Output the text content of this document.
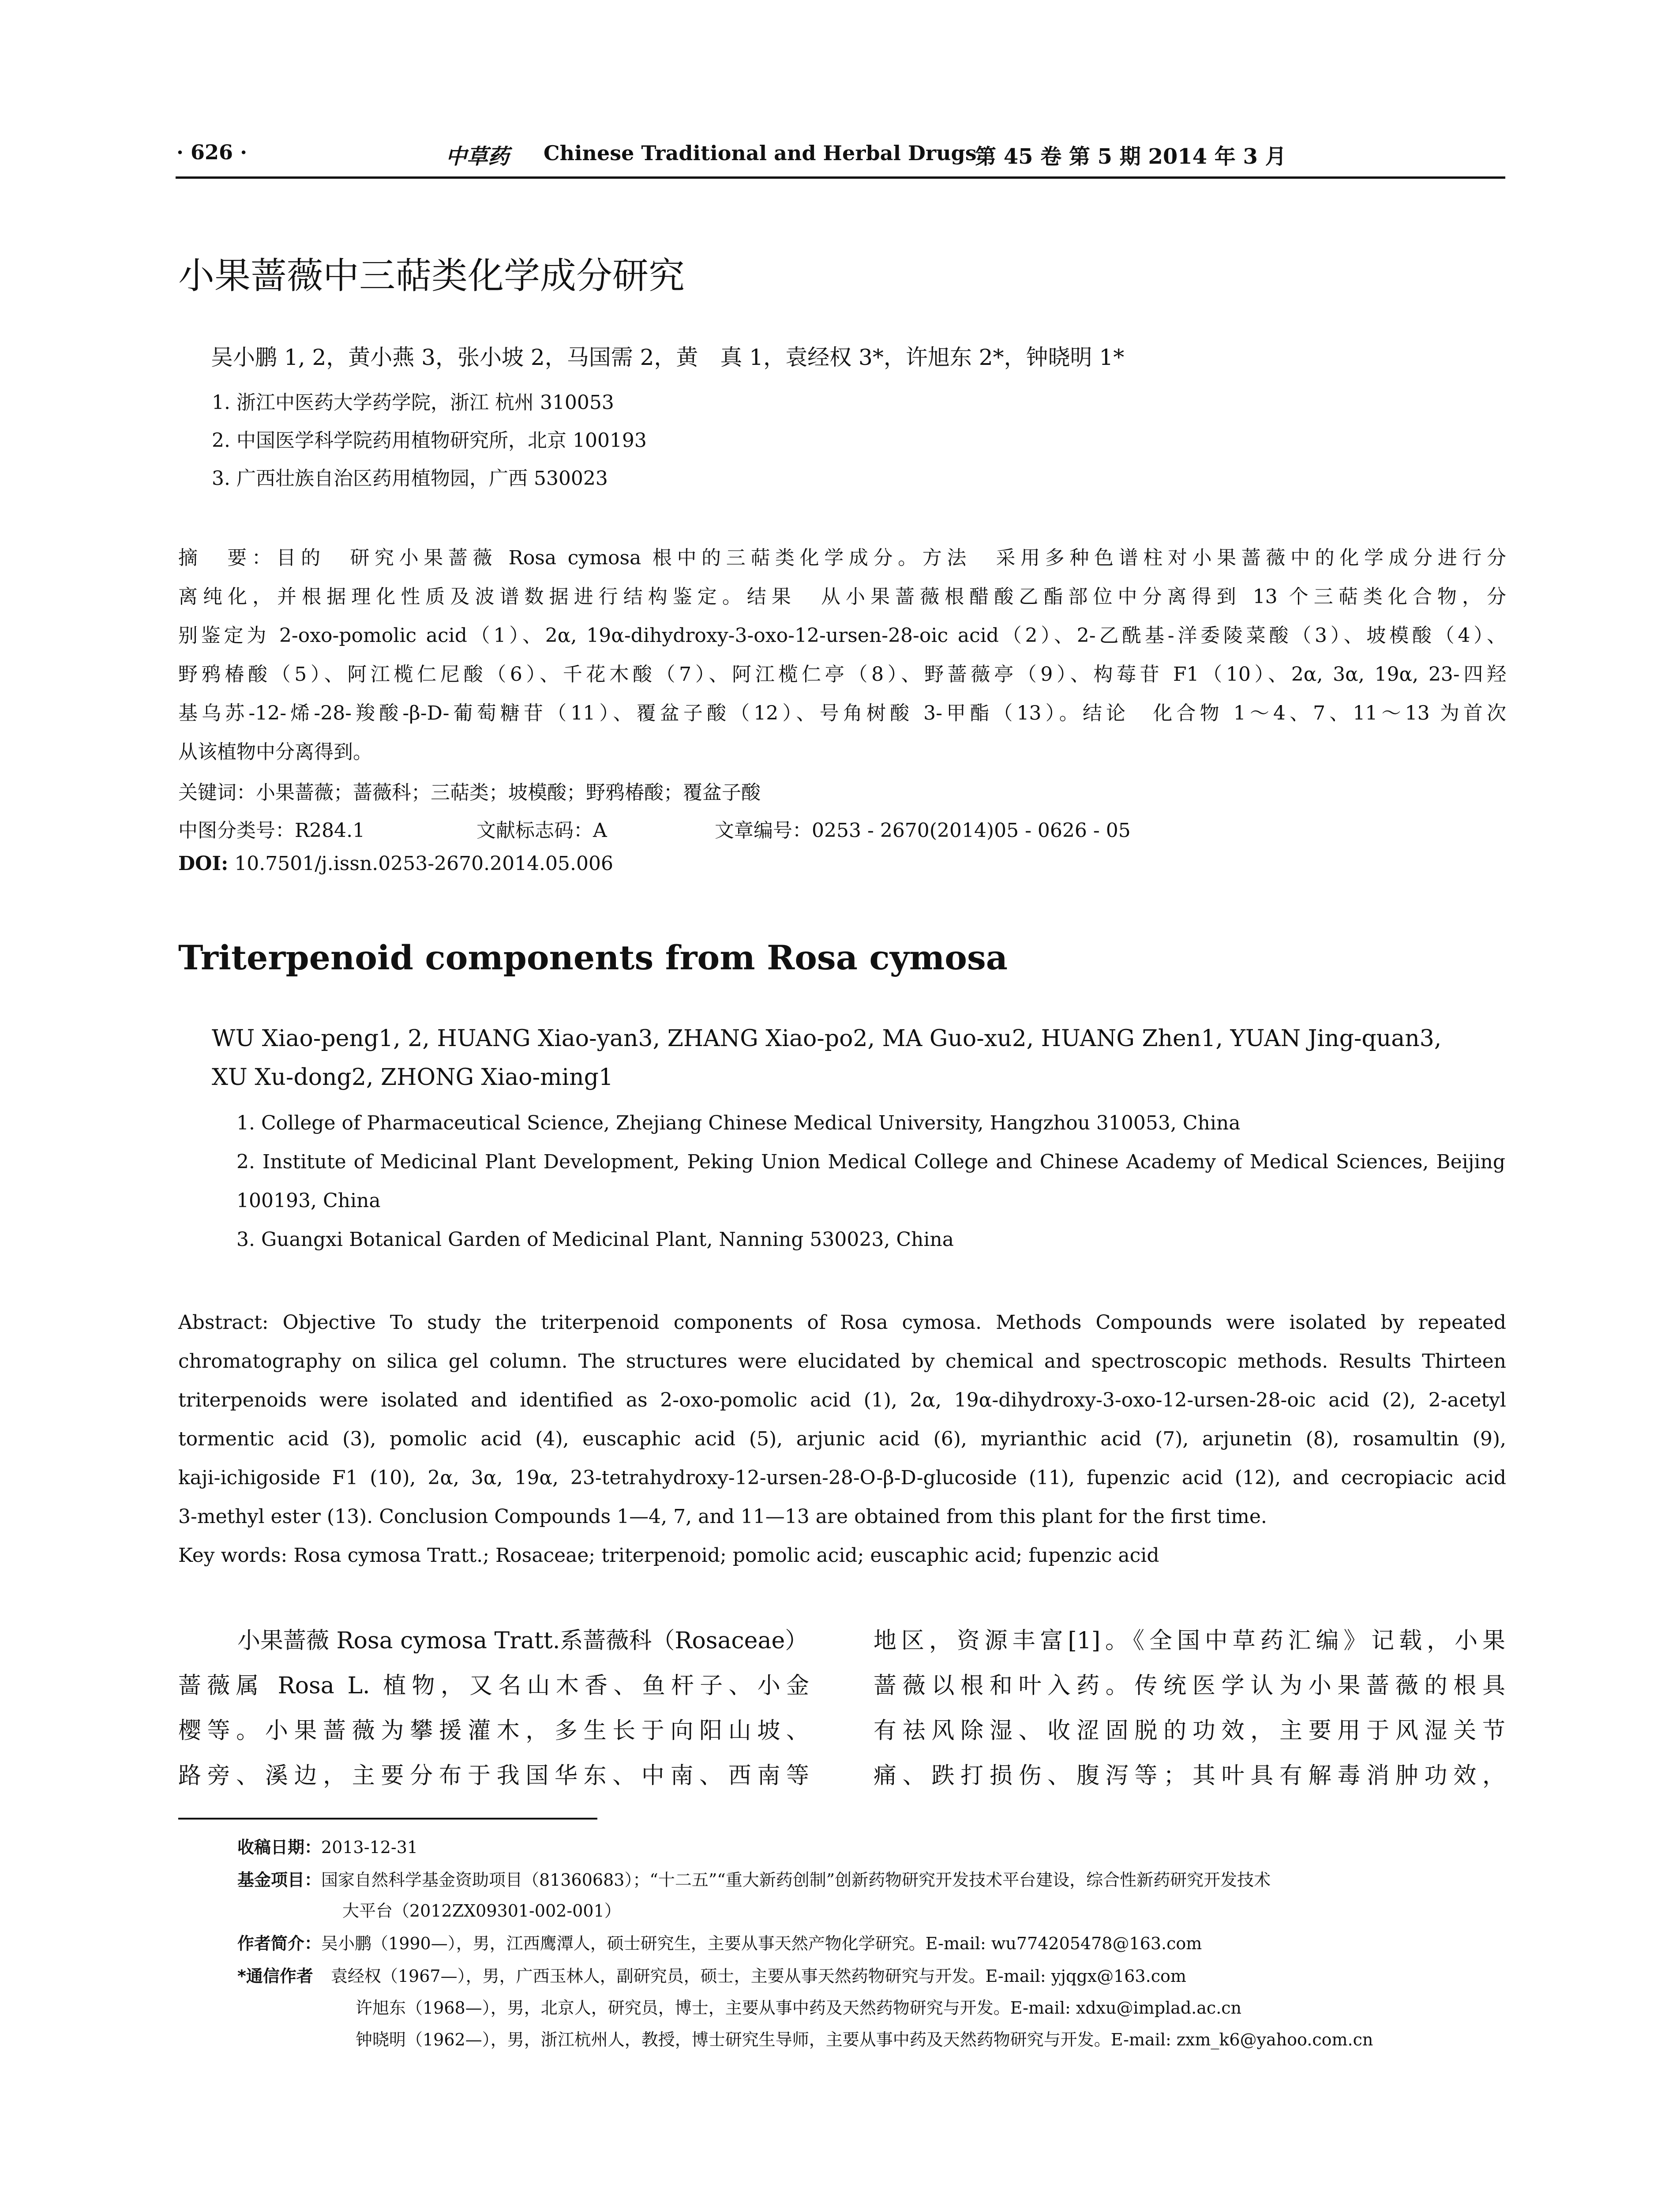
· 626 ·	中草药 Chinese Traditional and Herbal Drugs
第 45 卷 第 5 期 2014 年 3 月
小果蔷薇中三萜类化学成分研究
吴小鹏 1, 2，黄小燕 3，张小坡 2，马国需 2，黄　真 1，袁经权 3*，许旭东 2*，钟晓明 1*
1. 浙江中医药大学药学院，浙江 杭州 310053
2. 中国医学科学院药用植物研究所，北京 100193
3. 广西壮族自治区药用植物园，广西 530023
摘　要：目的　研究小果蔷薇 Rosa cymosa 根中的三萜类化学成分。方法　采用多种色谱柱对小果蔷薇中的化学成分进行分
离纯化，并根据理化性质及波谱数据进行结构鉴定。结果　从小果蔷薇根醋酸乙酯部位中分离得到 13 个三萜类化合物，分
别鉴定为 2-oxo-pomolic acid（1）、2α, 19α-dihydroxy-3-oxo-12-ursen-28-oic acid（2）、2-乙酰基-洋委陵菜酸（3）、坡模酸（4）、
野鸦椿酸（5）、阿江榄仁尼酸（6）、千花木酸（7）、阿江榄仁亭（8）、野蔷薇亭（9）、构莓苷 F1（10）、2α, 3α, 19α, 23-四羟
基乌苏-12-烯-28-羧酸-β-D-葡萄糖苷（11）、覆盆子酸（12）、号角树酸 3-甲酯（13）。结论　化合物 1～4、7、11～13 为首次
从该植物中分离得到。
关键词：小果蔷薇；蔷薇科；三萜类；坡模酸；野鸦椿酸；覆盆子酸
中图分类号：R284.1	文献标志码：A	文章编号：0253 - 2670(2014)05 - 0626 - 05
DOI: 10.7501/j.issn.0253-2670.2014.05.006
Triterpenoid components from Rosa cymosa
WU Xiao-peng1, 2, HUANG Xiao-yan3, ZHANG Xiao-po2, MA Guo-xu2, HUANG Zhen1, YUAN Jing-quan3,
XU Xu-dong2, ZHONG Xiao-ming1
1. College of Pharmaceutical Science, Zhejiang Chinese Medical University, Hangzhou 310053, China
2. Institute of Medicinal Plant Development, Peking Union Medical College and Chinese Academy of Medical Sciences, Beijing
100193, China
3. Guangxi Botanical Garden of Medicinal Plant, Nanning 530023, China
Abstract: Objective To study the triterpenoid components of Rosa cymosa. Methods Compounds were isolated by repeated
chromatography on silica gel column. The structures were elucidated by chemical and spectroscopic methods. Results Thirteen
triterpenoids were isolated and identified as 2-oxo-pomolic acid (1), 2α, 19α-dihydroxy-3-oxo-12-ursen-28-oic acid (2), 2-acetyl
tormentic acid (3), pomolic acid (4), euscaphic acid (5), arjunic acid (6), myrianthic acid (7), arjunetin (8), rosamultin (9),
kaji-ichigoside F1 (10), 2α, 3α, 19α, 23-tetrahydroxy-12-ursen-28-O-β-D-glucoside (11), fupenzic acid (12), and cecropiacic acid
3-methyl ester (13). Conclusion Compounds 1—4, 7, and 11—13 are obtained from this plant for the first time.
Key words: Rosa cymosa Tratt.; Rosaceae; triterpenoid; pomolic acid; euscaphic acid; fupenzic acid
小果蔷薇 Rosa cymosa Tratt.系蔷薇科（Rosaceae）
蔷薇属 Rosa L. 植物，又名山木香、鱼杆子、小金
樱等。小果蔷薇为攀援灌木，多生长于向阳山坡、
路旁、溪边，主要分布于我国华东、中南、西南等
地区，资源丰富[1]。《全国中草药汇编》记载，小果
蔷薇以根和叶入药。传统医学认为小果蔷薇的根具
有祛风除湿、收涩固脱的功效，主要用于风湿关节
痛、跌打损伤、腹泻等；其叶具有解毒消肿功效，
收稿日期：2013-12-31
基金项目：国家自然科学基金资助项目（81360683）；“十二五”“重大新药创制”创新药物研究开发技术平台建设，综合性新药研究开发技术
大平台（2012ZX09301-002-001）
作者简介：吴小鹏（1990—），男，江西鹰潭人，硕士研究生，主要从事天然产物化学研究。E-mail: wu774205478@163.com
*通信作者 袁经权（1967—），男，广西玉林人，副研究员，硕士，主要从事天然药物研究与开发。E-mail: yjqgx@163.com
许旭东（1968—），男，北京人，研究员，博士，主要从事中药及天然药物研究与开发。E-mail: xdxu@implad.ac.cn
钟晓明（1962—），男，浙江杭州人，教授，博士研究生导师，主要从事中药及天然药物研究与开发。E-mail: zxm_k6@yahoo.com.cn
